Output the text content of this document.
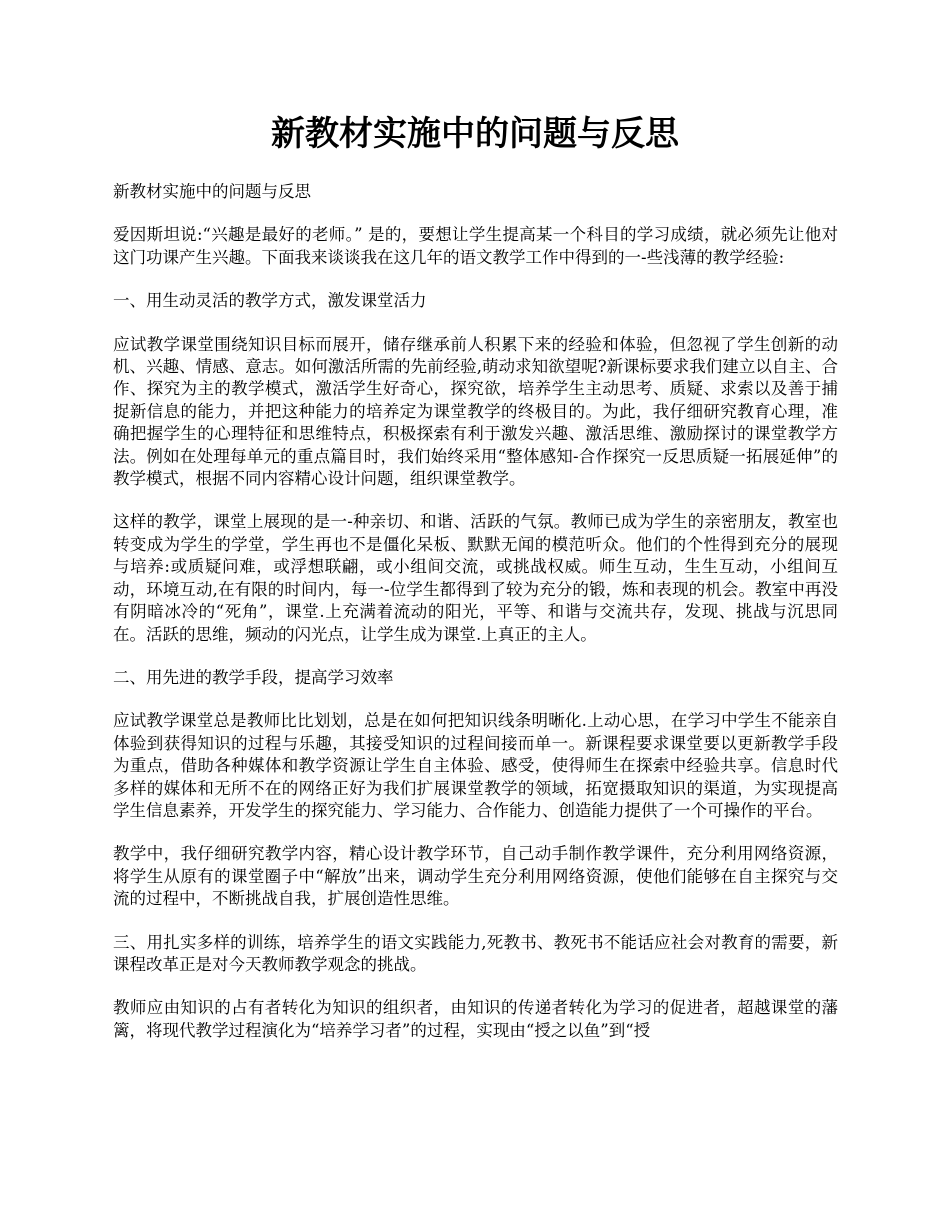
新教材实施中的问题与反思

新教材实施中的问题与反思

爱因斯坦说:“兴趣是最好的老师。” 是的，要想让学生提高某一个科目的学习成绩，就必须先让他对这门功课产生兴趣。下面我来谈谈我在这几年的语文教学工作中得到的一-些浅薄的教学经验:

一、用生动灵活的教学方式，激发课堂活力

应试教学课堂围绕知识目标而展开，储存继承前人积累下来的经验和体验，但忽视了学生创新的动机、兴趣、情感、意志。如何激活所需的先前经验,萌动求知欲望呢?新课标要求我们建立以自主、合作、探究为主的教学模式，激活学生好奇心，探究欲，培养学生主动思考、质疑、求索以及善于捕捉新信息的能力，并把这种能力的培养定为课堂教学的终极目的。为此，我仔细研究教育心理，准确把握学生的心理特征和思维特点，积极探索有利于激发兴趣、激活思维、激励探讨的课堂教学方法。例如在处理每单元的重点篇目时，我们始终采用“整体感知-合作探究一反思质疑一拓展延伸”的教学模式，根据不同内容精心设计问题，组织课堂教学。

这样的教学，课堂上展现的是一-种亲切、和谐、活跃的气氛。教师已成为学生的亲密朋友，教室也转变成为学生的学堂，学生再也不是僵化呆板、默默无闻的模范听众。他们的个性得到充分的展现与培养:或质疑问难，或浮想联翩，或小组间交流，或挑战权威。师生互动，生生互动，小组间互动，环境互动,在有限的时间内，每一-位学生都得到了较为充分的锻，炼和表现的机会。教室中再没有阴暗冰冷的“死角”，课堂.上充满着流动的阳光，平等、和谐与交流共存，发现、挑战与沉思同在。活跃的思维，频动的闪光点，让学生成为课堂.上真正的主人。

二、用先进的教学手段，提高学习效率

应试教学课堂总是教师比比划划，总是在如何把知识线条明晰化.上动心思，在学习中学生不能亲自体验到获得知识的过程与乐趣，其接受知识的过程间接而单一。新课程要求课堂要以更新教学手段为重点，借助各种媒体和教学资源让学生自主体验、感受，使得师生在探索中经验共享。信息时代多样的媒体和无所不在的网络正好为我们扩展课堂教学的领域，拓宽摄取知识的渠道，为实现提高学生信息素养，开发学生的探究能力、学习能力、合作能力、创造能力提供了一个可操作的平台。

教学中，我仔细研究教学内容，精心设计教学环节，自己动手制作教学课件，充分利用网络资源，将学生从原有的课堂圈子中“解放”出来，调动学生充分利用网络资源，使他们能够在自主探究与交流的过程中，不断挑战自我，扩展创造性思维。

三、用扎实多样的训练，培养学生的语文实践能力,死教书、教死书不能话应社会对教育的需要，新课程改革正是对今天教师教学观念的挑战。

教师应由知识的占有者转化为知识的组织者，由知识的传递者转化为学习的促进者，超越课堂的藩篱，将现代教学过程演化为“培养学习者”的过程，实现由“授之以鱼”到“授
